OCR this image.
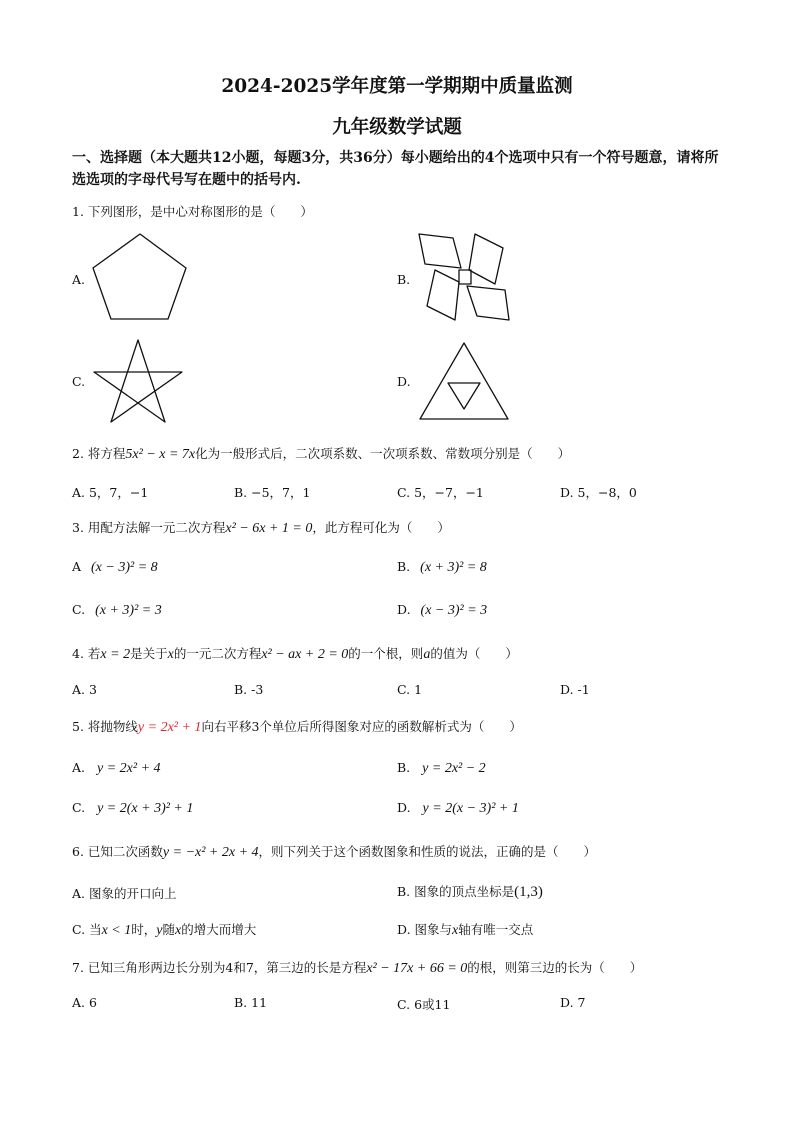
2024-2025学年度第一学期期中质量监测
九年级数学试题
一、选择题（本大题共12小题，每题3分，共36分）每小题给出的4个选项中只有一个符号题意，请将所选选项的字母代号写在题中的括号内.
1. 下列图形，是中心对称图形的是（　　）
A.	B.
C.	D.
2. 将方程5x² − x = 7x化为一般形式后，二次项系数、一次项系数、常数项分别是（　　）
A. 5，7，−1	B. −5，7，1	C. 5，−7，−1	D. 5，−8，0
3. 用配方法解一元二次方程x² − 6x + 1 = 0，此方程可化为（　　）
A (x − 3)² = 8	B. (x + 3)² = 8
C. (x + 3)² = 3	D. (x − 3)² = 3
4. 若x = 2是关于x的一元二次方程x² − ax + 2 = 0的一个根，则a的值为（　　）
A. 3	B. -3	C. 1	D. -1
5. 将抛物线y = 2x² + 1向右平移3个单位后所得图象对应的函数解析式为（　　）
A. y = 2x² + 4	B. y = 2x² − 2
C. y = 2(x + 3)² + 1	D. y = 2(x − 3)² + 1
6. 已知二次函数y = −x² + 2x + 4，则下列关于这个函数图象和性质的说法，正确的是（　　）
A. 图象的开口向上	B. 图象的顶点坐标是(1,3)
C. 当x < 1时，y随x的增大而增大	D. 图象与x轴有唯一交点
7. 已知三角形两边长分别为4和7，第三边的长是方程x² − 17x + 66 = 0的根，则第三边的长为（　　）
A. 6	B. 11	C. 6或11	D. 7
